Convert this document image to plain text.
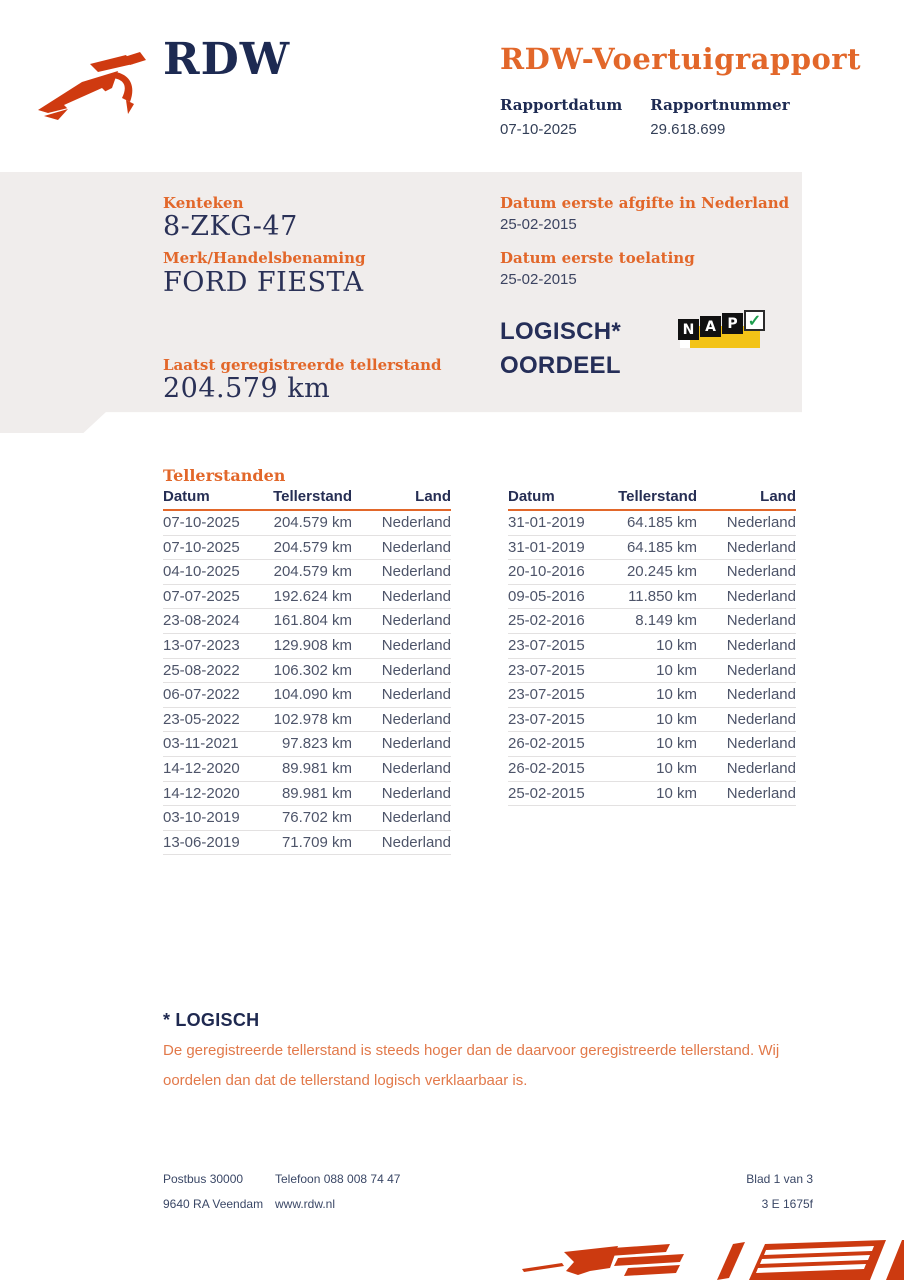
RDW	RDW-Voertuigrapport
Rapportdatum
07-10-2025
Rapportnummer
29.618.699
Kenteken
8-ZKG-47
Merk/Handelsbenaming
FORD FIESTA
Laatst geregistreerde tellerstand
204.579 km
Datum eerste afgifte in Nederland
25-02-2015
Datum eerste toelating
25-02-2015
LOGISCH*
OORDEEL
N A P ✓
Tellerstanden
Datum	Tellerstand	Land
07-10-2025	204.579 km	Nederland
07-10-2025	204.579 km	Nederland
04-10-2025	204.579 km	Nederland
07-07-2025	192.624 km	Nederland
23-08-2024	161.804 km	Nederland
13-07-2023	129.908 km	Nederland
25-08-2022	106.302 km	Nederland
06-07-2022	104.090 km	Nederland
23-05-2022	102.978 km	Nederland
03-11-2021	97.823 km	Nederland
14-12-2020	89.981 km	Nederland
14-12-2020	89.981 km	Nederland
03-10-2019	76.702 km	Nederland
13-06-2019	71.709 km	Nederland
Datum	Tellerstand	Land
31-01-2019	64.185 km	Nederland
31-01-2019	64.185 km	Nederland
20-10-2016	20.245 km	Nederland
09-05-2016	11.850 km	Nederland
25-02-2016	8.149 km	Nederland
23-07-2015	10 km	Nederland
23-07-2015	10 km	Nederland
23-07-2015	10 km	Nederland
23-07-2015	10 km	Nederland
26-02-2015	10 km	Nederland
26-02-2015	10 km	Nederland
25-02-2015	10 km	Nederland
* LOGISCH

De geregistreerde tellerstand is steeds hoger dan de daarvoor geregistreerde tellerstand. Wij oordelen dan dat de tellerstand logisch verklaarbaar is.

Postbus 30000
9640 RA Veendam
Telefoon 088 008 74 47
www.rdw.nl
Blad 1 van 3
3 E 1675f
